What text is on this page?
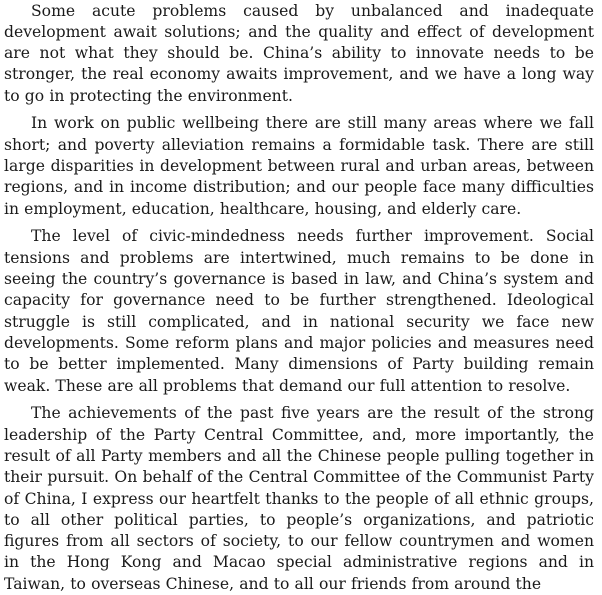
Some acute problems caused by unbalanced and inadequate development await solutions; and the quality and effect of development are not what they should be. China’s ability to innovate needs to be stronger, the real economy awaits improvement, and we have a long way to go in protecting the environment.

In work on public wellbeing there are still many areas where we fall short; and poverty alleviation remains a formidable task. There are still large disparities in development between rural and urban areas, between regions, and in income distribution; and our people face many difficulties in employment, education, healthcare, housing, and elderly care.

The level of civic-mindedness needs further improvement. Social tensions and problems are intertwined, much remains to be done in seeing the country’s governance is based in law, and China’s system and capacity for governance need to be further strengthened. Ideological struggle is still complicated, and in national security we face new developments. Some reform plans and major policies and measures need to be better implemented. Many dimensions of Party building remain weak. These are all problems that demand our full attention to resolve.

The achievements of the past five years are the result of the strong leadership of the Party Central Committee, and, more importantly, the result of all Party members and all the Chinese people pulling together in their pursuit. On behalf of the Central Committee of the Communist Party of China, I express our heartfelt thanks to the people of all ethnic groups, to all other political parties, to people’s organizations, and patriotic figures from all sectors of society, to our fellow countrymen and women in the Hong Kong and Macao special administrative regions and in Taiwan, to overseas Chinese, and to all our friends from around the
